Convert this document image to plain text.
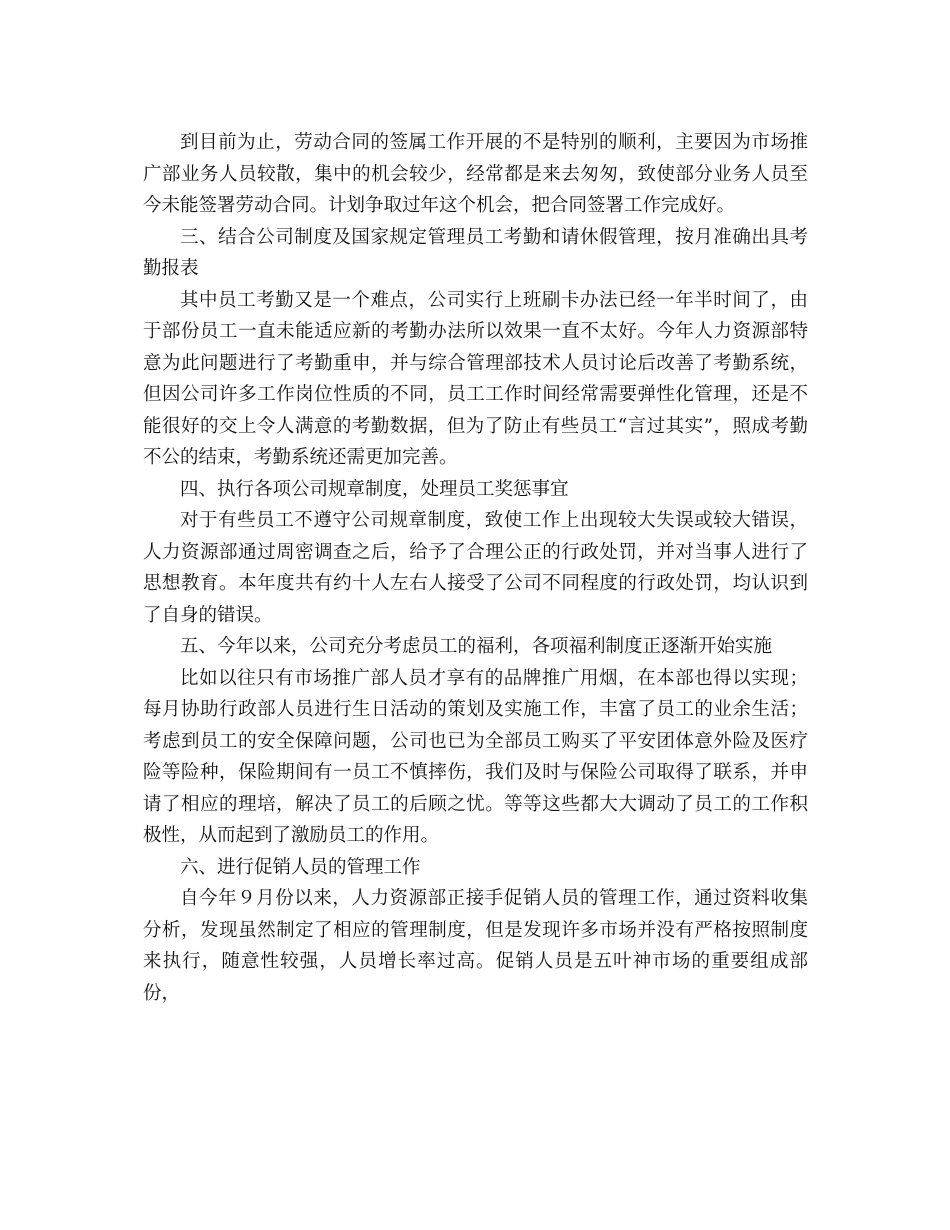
到目前为止，劳动合同的签属工作开展的不是特别的顺利，主要因为市场推广部业务人员较散，集中的机会较少，经常都是来去匆匆，致使部分业务人员至今未能签署劳动合同。计划争取过年这个机会，把合同签署工作完成好。

三、结合公司制度及国家规定管理员工考勤和请休假管理，按月准确出具考勤报表

其中员工考勤又是一个难点，公司实行上班刷卡办法已经一年半时间了，由于部份员工一直未能适应新的考勤办法所以效果一直不太好。今年人力资源部特意为此问题进行了考勤重申，并与综合管理部技术人员讨论后改善了考勤系统，但因公司许多工作岗位性质的不同，员工工作时间经常需要弹性化管理，还是不能很好的交上令人满意的考勤数据，但为了防止有些员工“言过其实”，照成考勤不公的结束，考勤系统还需更加完善。

四、执行各项公司规章制度，处理员工奖惩事宜

对于有些员工不遵守公司规章制度，致使工作上出现较大失误或较大错误，人力资源部通过周密调查之后，给予了合理公正的行政处罚，并对当事人进行了思想教育。本年度共有约十人左右人接受了公司不同程度的行政处罚，均认识到了自身的错误。

五、今年以来，公司充分考虑员工的福利，各项福利制度正逐渐开始实施

比如以往只有市场推广部人员才享有的品牌推广用烟，在本部也得以实现；每月协助行政部人员进行生日活动的策划及实施工作，丰富了员工的业余生活；考虑到员工的安全保障问题，公司也已为全部员工购买了平安团体意外险及医疗险等险种，保险期间有一员工不慎摔伤，我们及时与保险公司取得了联系，并申请了相应的理培，解决了员工的后顾之忧。等等这些都大大调动了员工的工作积极性，从而起到了激励员工的作用。

六、进行促销人员的管理工作

自今年９月份以来，人力资源部正接手促销人员的管理工作，通过资料收集分析，发现虽然制定了相应的管理制度，但是发现许多市场并没有严格按照制度来执行，随意性较强，人员增长率过高。促销人员是五叶神市场的重要组成部份，
